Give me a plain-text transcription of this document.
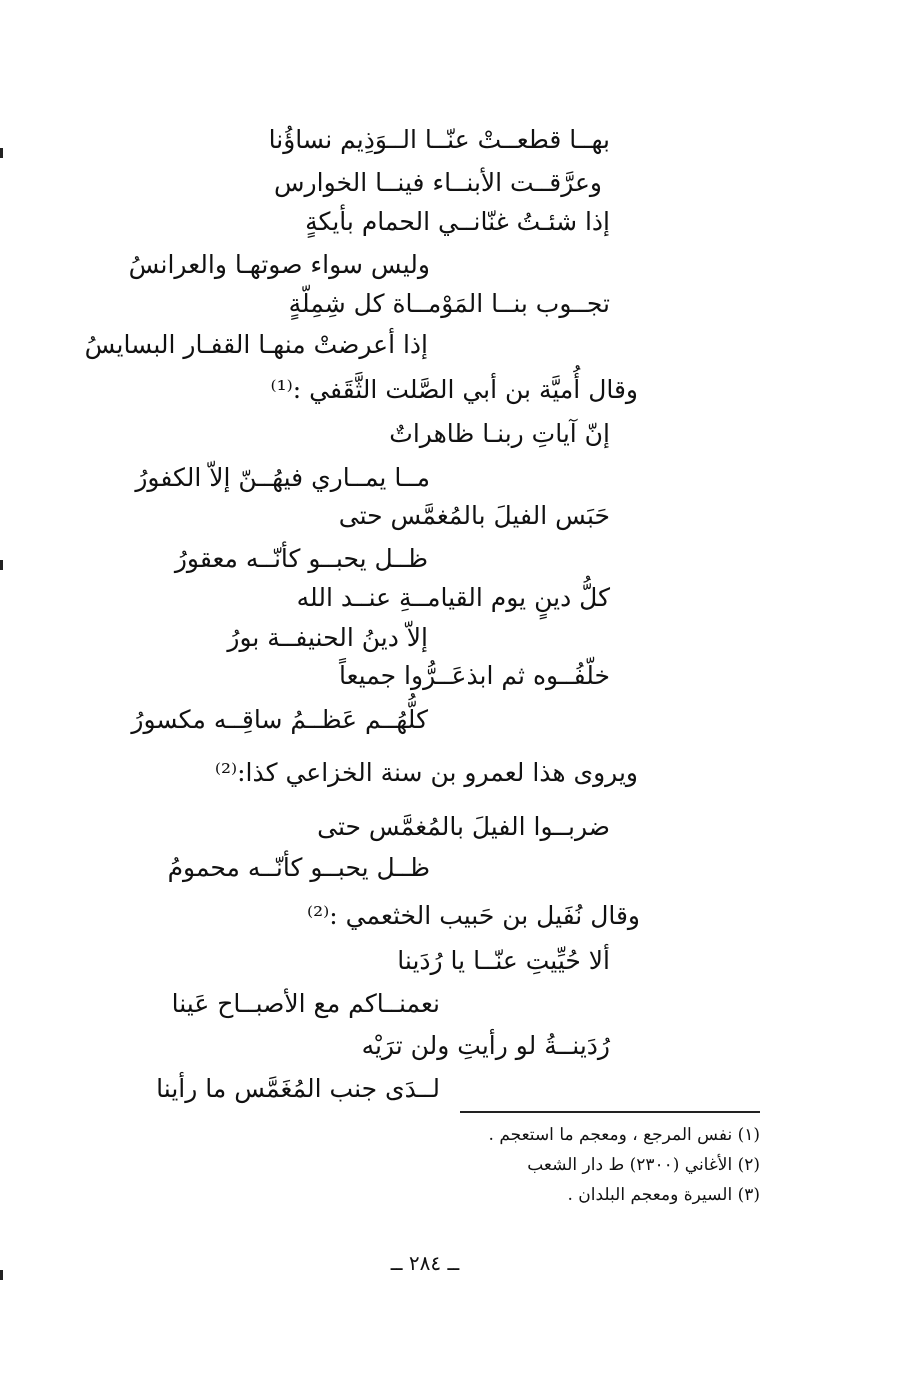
بهــا قطعــتْ عنّــا الــوَذِيم نساؤُنا
وعرَّقــت الأبنــاء فينــا الخوارس
إذا شئـتُ غنّانــي الحمام بأيكةٍ
وليس سواء صوتهـا والعرانسُ
تجــوب بنــا المَوْمــاة كل شِمِلّةٍ
إذا أعرضتْ منهـا القفـار البسايسُ
وقال أُميَّة بن أبي الصَّلت الثَّقَفي :⁽¹⁾
إنّ آياتِ ربنـا ظاهراتٌ
مــا يمــاري فيهُــنّ إلاّ الكفورُ
حَبَس الفيلَ بالمُغمَّس حتى
ظــل يحبــو كأنّــه معقورُ
كلُّ دينٍ يوم القيامــةِ عنــد الله
إلاّ دينُ الحنيفــة بورُ
خلّفُــوه ثم ابذعَــرُّوا جميعاً
كلُّهُــم عَظــمُ ساقِــه مكسورُ
ويروى هذا لعمرو بن سنة الخزاعي كذا:⁽²⁾
ضربــوا الفيلَ بالمُغمَّس حتى
ظــل يحبــو كأنّــه محمومُ
وقال نُفَيل بن حَبيب الخثعمي :⁽²⁾
ألا حُيِّيتِ عنّــا يا رُدَينا
نعمنــاكم مع الأصبــاح عَينا
رُدَينــةُ لو رأيتِ ولن ترَيْه
لــدَى جنب المُغَمَّس ما رأينا
(١) نفس المرجع ، ومعجم ما استعجم .
(٢) الأغاني (٢٣٠٠) ط دار الشعب
(٣) السيرة ومعجم البلدان .
ــ ٢٨٤ ــ
